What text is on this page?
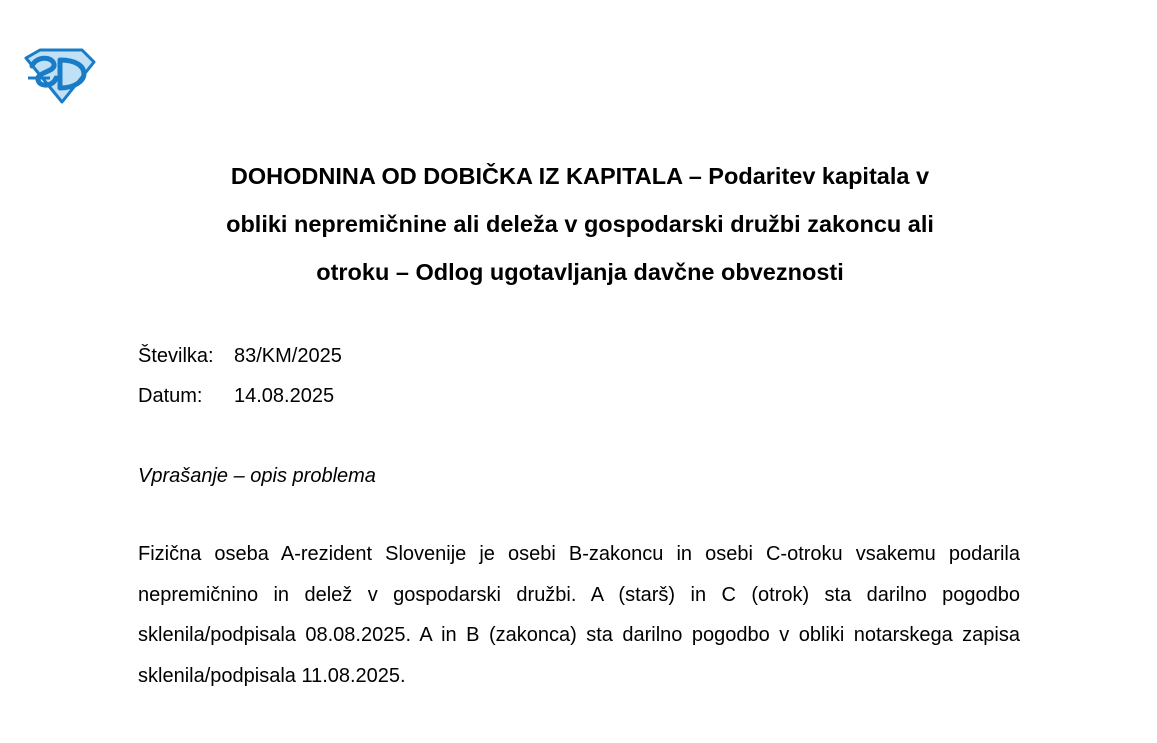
DOHODNINA OD DOBIČKA IZ KAPITALA – Podaritev kapitala v
obliki nepremičnine ali deleža v gospodarski družbi zakoncu ali
otroku – Odlog ugotavljanja davčne obveznosti
Številka:	83/KM/2025
Datum:	14.08.2025
Vprašanje – opis problema
Fizična oseba A-rezident Slovenije je osebi B-zakoncu in osebi C-otroku vsakemu podarila nepremičnino in delež v gospodarski družbi. A (starš) in C (otrok) sta darilno pogodbo sklenila/podpisala 08.08.2025. A in B (zakonca) sta darilno pogodbo v obliki notarskega zapisa sklenila/podpisala 11.08.2025.
